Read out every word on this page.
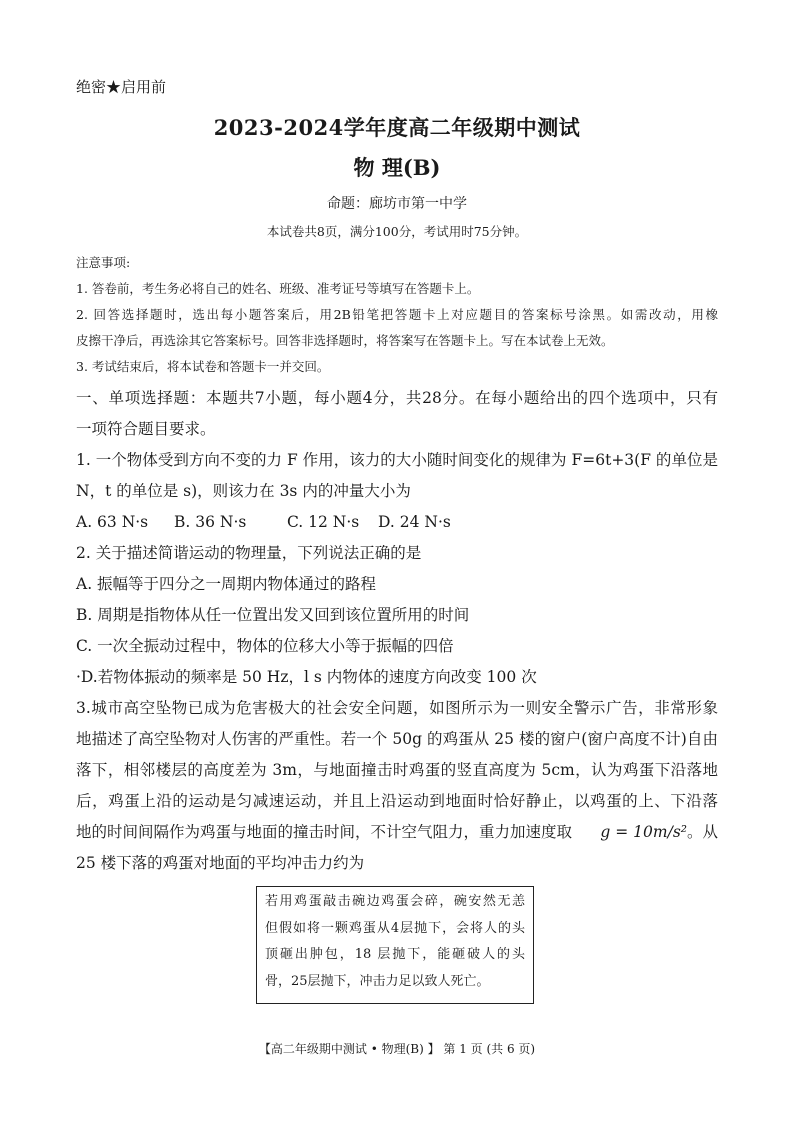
绝密★启用前
2023-2024学年度高二年级期中测试
物 理(B)
命题：廊坊市第一中学
本试卷共8页，满分100分，考试用时75分钟。
注意事项:
1. 答卷前，考生务必将自己的姓名、班级、准考证号等填写在答题卡上。
2. 回答选择题时，选出每小题答案后，用2B铅笔把答题卡上对应题目的答案标号涂黑。如需改动，用橡
皮擦干净后，再选涂其它答案标号。回答非选择题时，将答案写在答题卡上。写在本试卷上无效。
3. 考试结束后，将本试卷和答题卡一并交回。
一、单项选择题：本题共7小题，每小题4分，共28分。在每小题给出的四个选项中，只有
一项符合题目要求。
1. 一个物体受到方向不变的力 F 作用，该力的大小随时间变化的规律为 F=6t+3(F 的单位是
N，t 的单位是 s)，则该力在 3s 内的冲量大小为
A. 63 N·s	B. 36 N·s	C. 12 N·s	D. 24 N·s
2. 关于描述简谐运动的物理量，下列说法正确的是
A. 振幅等于四分之一周期内物体通过的路程
B. 周期是指物体从任一位置出发又回到该位置所用的时间
C. 一次全振动过程中，物体的位移大小等于振幅的四倍
·D.若物体振动的频率是 50 Hz，l s 内物体的速度方向改变 100 次
3.城市高空坠物已成为危害极大的社会安全问题，如图所示为一则安全警示广告，非常形象
地描述了高空坠物对人伤害的严重性。若一个 50g 的鸡蛋从 25 楼的窗户(窗户高度不计)自由
落下，相邻楼层的高度差为 3m，与地面撞击时鸡蛋的竖直高度为 5cm，认为鸡蛋下沿落地
后，鸡蛋上沿的运动是匀减速运动，并且上沿运动到地面时恰好静止，以鸡蛋的上、下沿落
地的时间间隔作为鸡蛋与地面的撞击时间，不计空气阻力，重力加速度取 g = 10m/s²。从
25 楼下落的鸡蛋对地面的平均冲击力约为
若用鸡蛋敲击碗边鸡蛋会碎，碗安然无恙
但假如将一颗鸡蛋从4层抛下，会将人的头
顶砸出肿包，18 层抛下，能砸破人的头
骨，25层抛下，冲击力足以致人死亡。
【高二年级期中测试 • 物理(B) 】 第 1 页 (共 6 页)
